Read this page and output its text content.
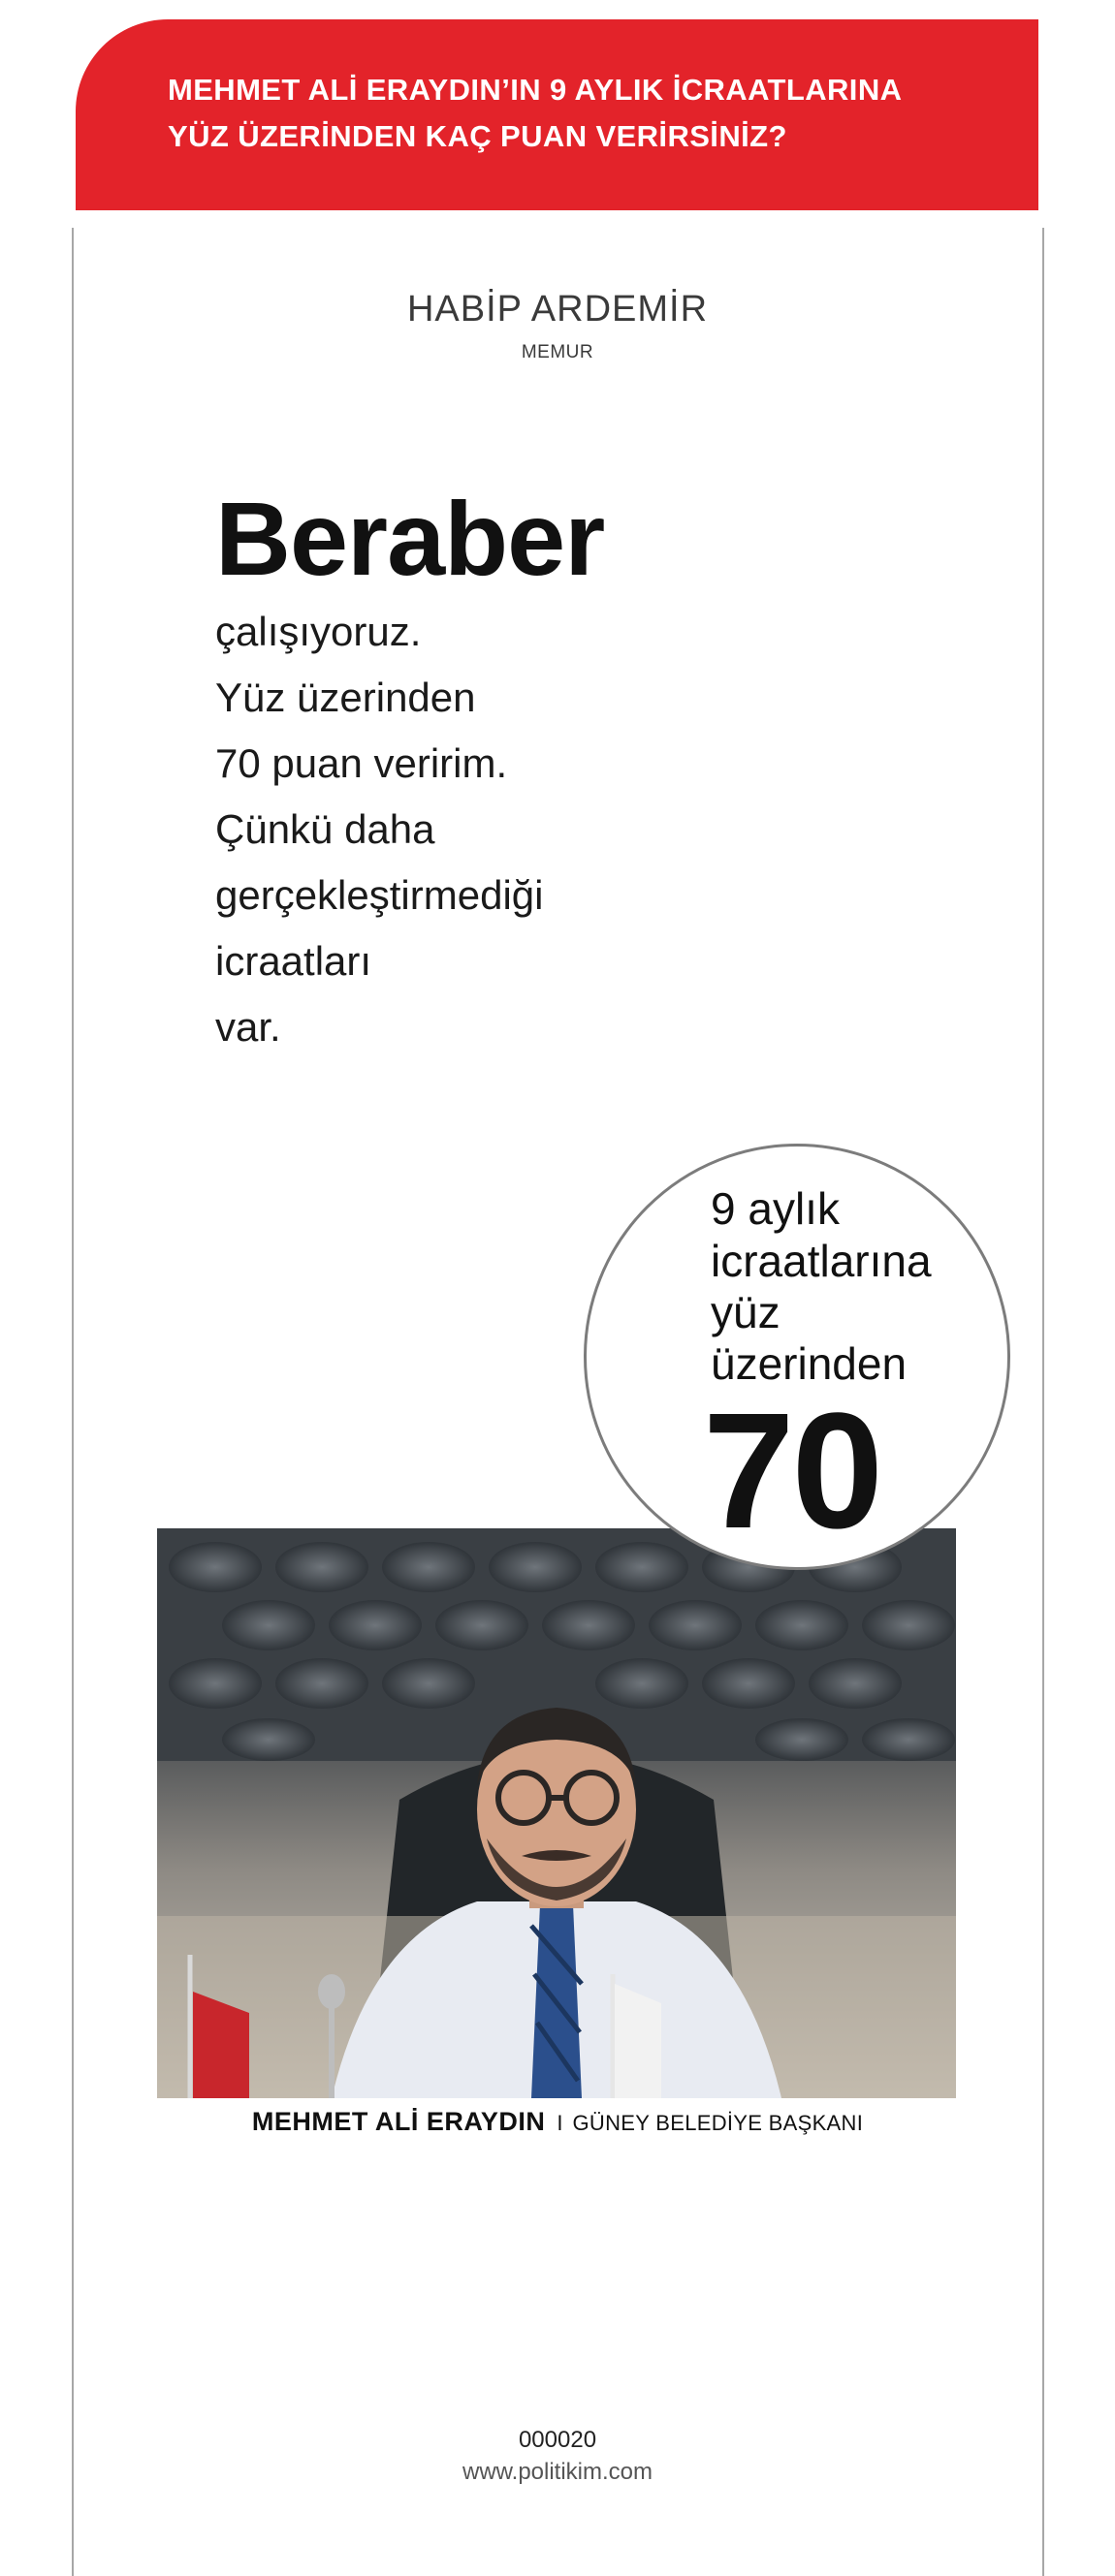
MEHMET ALİ ERAYDIN’IN 9 AYLIK İCRAATLARINA
YÜZ ÜZERİNDEN KAÇ PUAN VERİRSİNİZ?
HABİP ARDEMİR
MEMUR
Beraber
çalışıyoruz.
Yüz üzerinden
70 puan veririm.
Çünkü daha
gerçekleştirmediği
icraatları
var.
9 aylık
icraatlarına
yüz
üzerinden
70
MEHMET ALİ ERAYDIN I GÜNEY BELEDİYE BAŞKANI
000020
www.politikim.com
